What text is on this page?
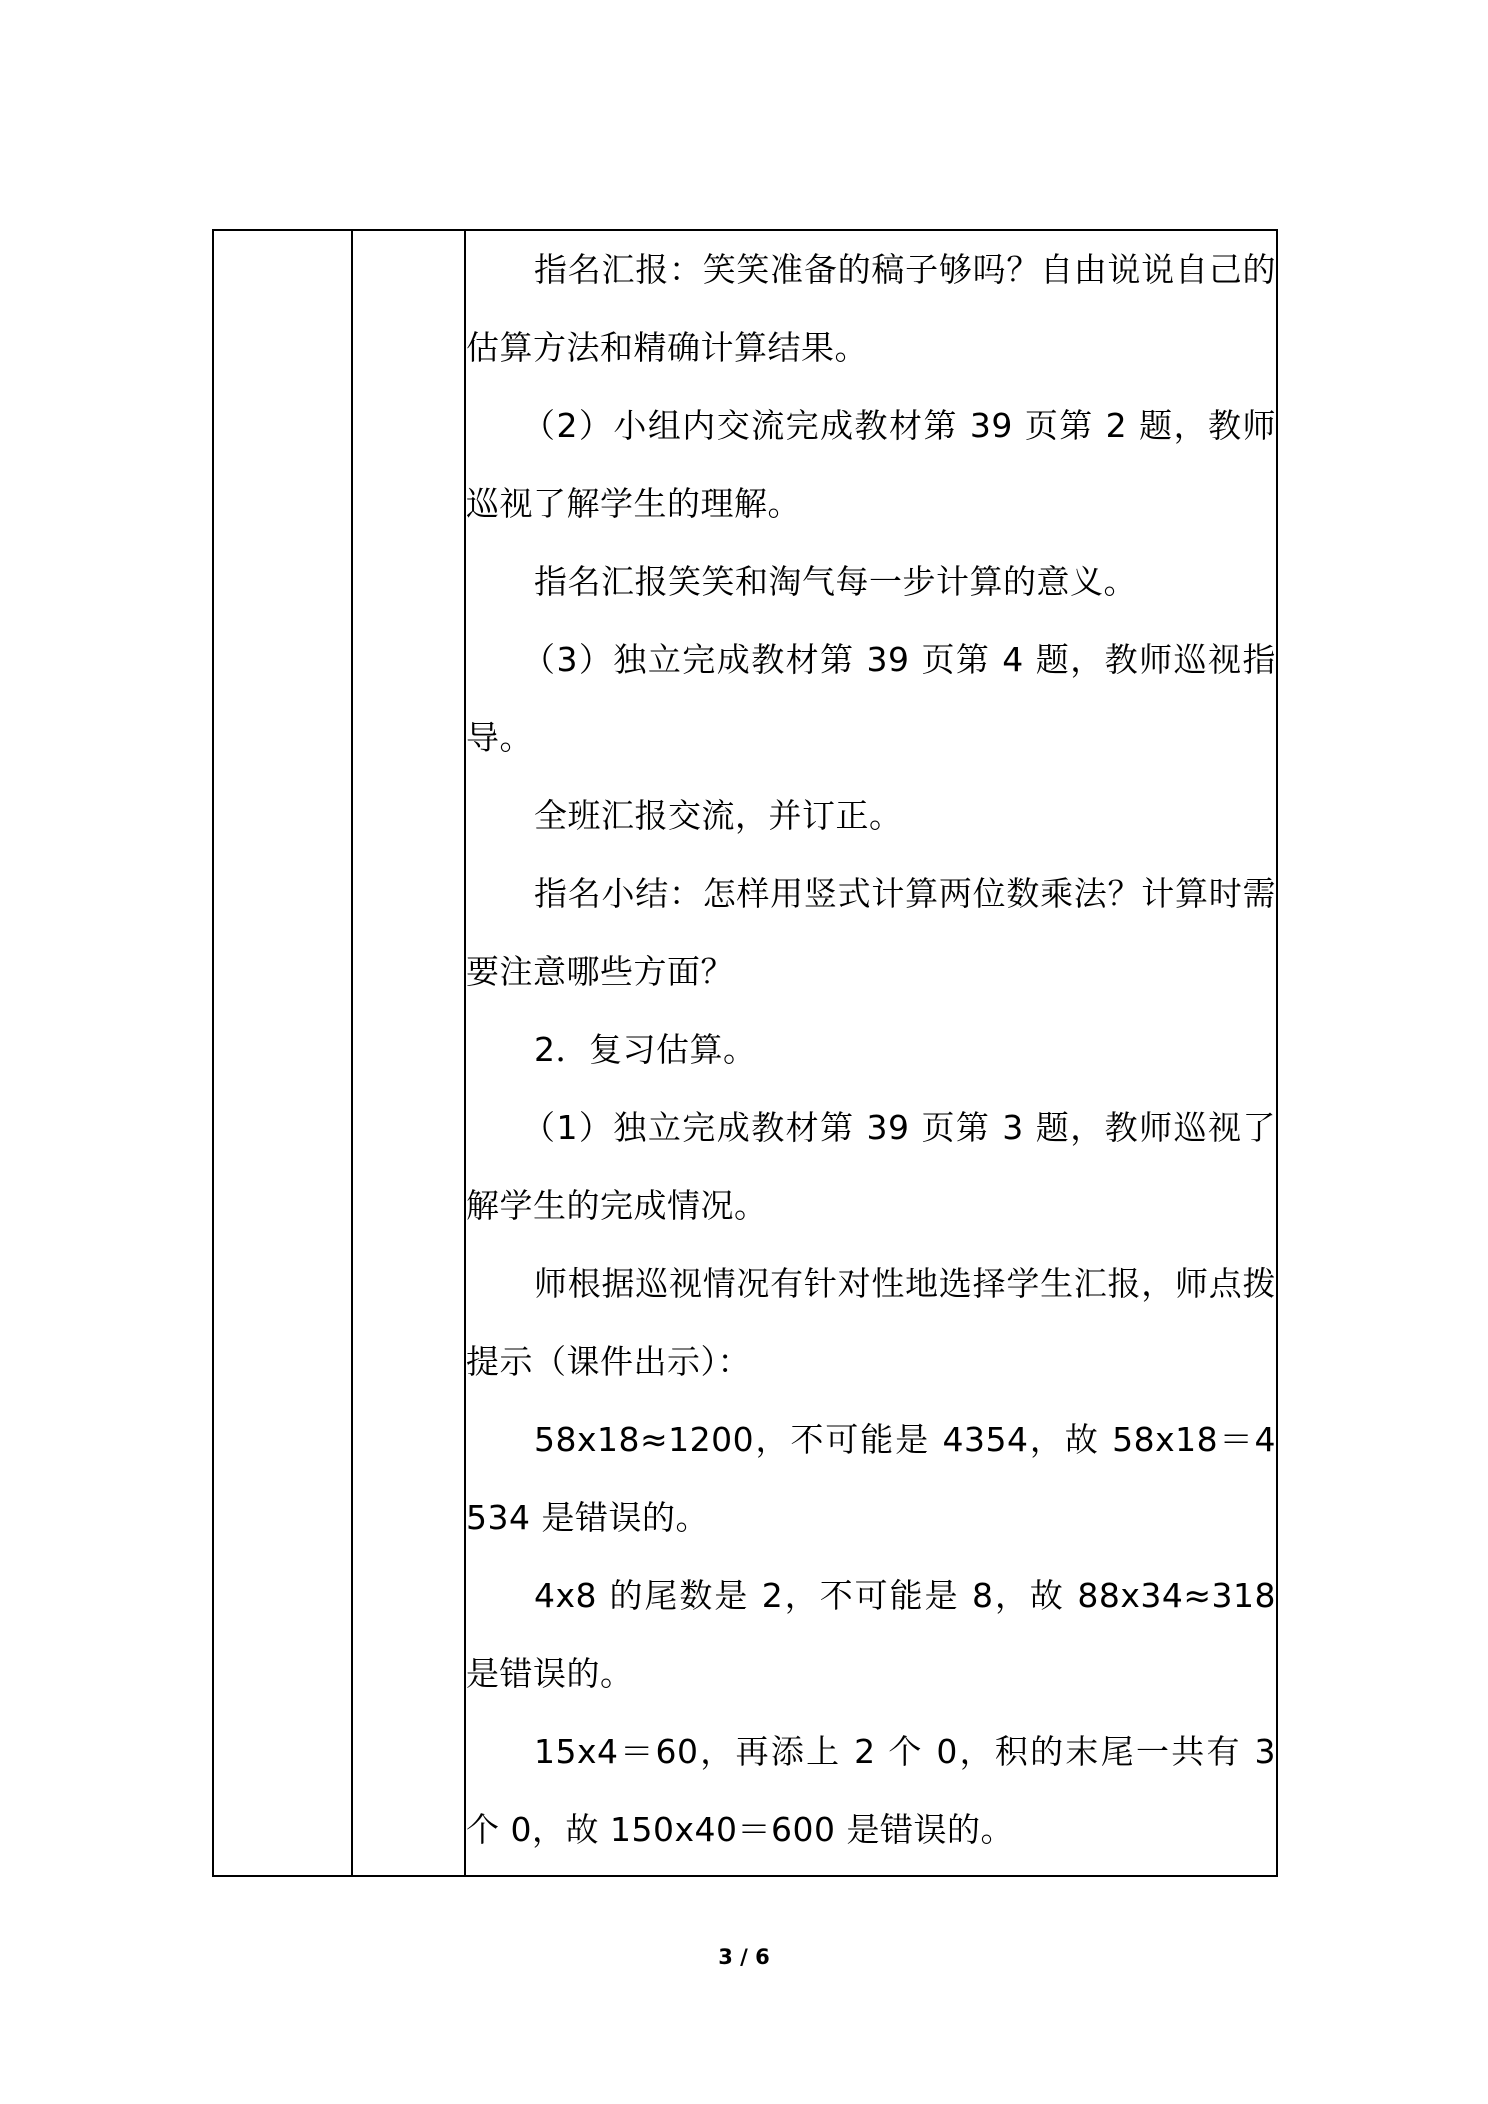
指名汇报：笑笑准备的稿子够吗？自由说说自己的估算方法和精确计算结果。

（2）小组内交流完成教材第 39 页第 2 题，教师巡视了解学生的理解。

指名汇报笑笑和淘气每一步计算的意义。

（3）独立完成教材第 39 页第 4 题，教师巡视指导。

全班汇报交流，并订正。

指名小结：怎样用竖式计算两位数乘法？计算时需要注意哪些方面？

2．复习估算。

（1）独立完成教材第 39 页第 3 题，教师巡视了解学生的完成情况。

师根据巡视情况有针对性地选择学生汇报，师点拨提示（课件出示）：

58x18≈1200，不可能是 4354，故 58x18＝4534 是错误的。

4x8 的尾数是 2，不可能是 8，故 88x34≈318 是错误的。

15x4＝60，再添上 2 个 0，积的末尾一共有 3 个 0，故 150x40＝600 是错误的。

3 / 6
